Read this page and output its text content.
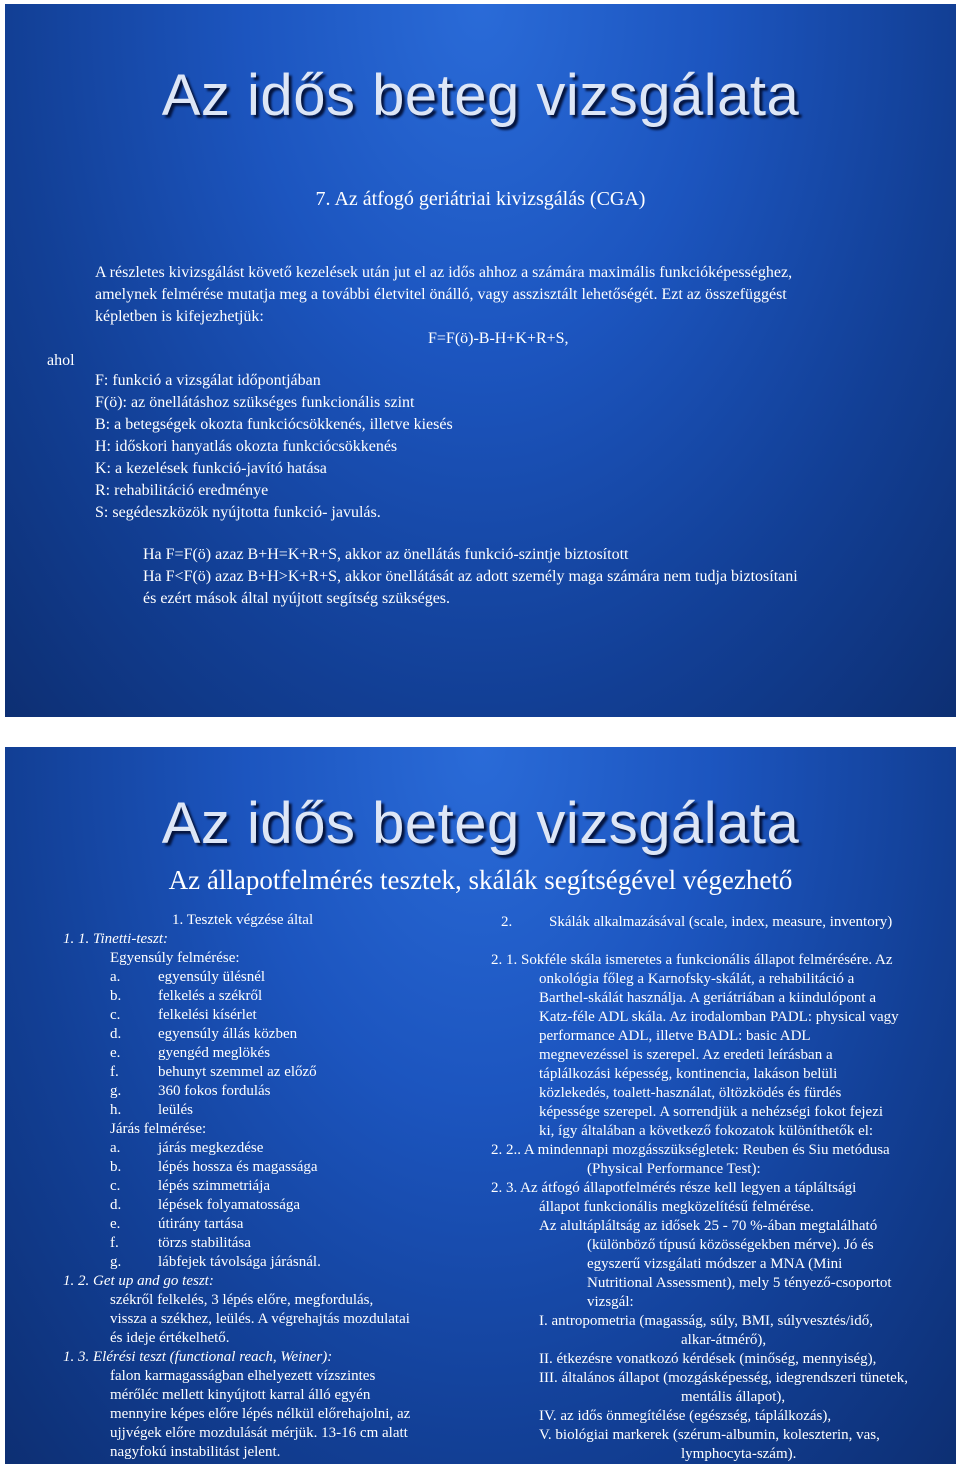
Az idős beteg vizsgálata
7. Az átfogó geriátriai kivizsgálás (CGA)
A részletes kivizsgálást követő kezelések után jut el az idős ahhoz a számára maximális funkcióképességhez,
amelynek felmérése mutatja meg a további életvitel önálló, vagy asszisztált lehetőségét. Ezt az összefüggést
képletben is kifejezhetjük:
F=F(ö)-B-H+K+R+S,
ahol
F: funkció a vizsgálat időpontjában
F(ö): az önellátáshoz szükséges funkcionális szint
B: a betegségek okozta funkciócsökkenés, illetve kiesés
H: időskori hanyatlás okozta funkciócsökkenés
K: a kezelések funkció-javító hatása
R: rehabilitáció eredménye
S: segédeszközök nyújtotta funkció- javulás.
Ha F=F(ö) azaz B+H=K+R+S, akkor az önellátás funkció-szintje biztosított
Ha F<F(ö) azaz B+H>K+R+S, akkor önellátását az adott személy maga számára nem tudja biztosítani
és ezért mások által nyújtott segítség szükséges.
Az idős beteg vizsgálata
Az állapotfelmérés tesztek, skálák segítségével végezhető
1. Tesztek végzése által
1. 1. Tinetti-teszt:
Egyensúly felmérése:
a.	egyensúly ülésnél
b. felkelés a székről
c.	felkelési kísérlet
d. egyensúly állás közben
e.	gyengéd meglökés
f.	behunyt szemmel az előző
g. 360 fokos fordulás
h. leülés
Járás felmérése:
a.	járás megkezdése
b. lépés hossza és magassága
c.	lépés szimmetriája
d. lépések folyamatossága
e.	útirány tartása
f.	törzs stabilitása
g. lábfejek távolsága járásnál.
1. 2. Get up and go teszt:
székről felkelés, 3 lépés előre, megfordulás,
vissza a székhez, leülés. A végrehajtás mozdulatai
és ideje értékelhető.
1. 3. Elérési teszt (functional reach, Weiner):
falon karmagasságban elhelyezett vízszintes
mérőléc mellett kinyújtott karral álló egyén
mennyire képes előre lépés nélkül előrehajolni, az
ujjvégek előre mozdulását mérjük. 13-16 cm alatt
nagyfokú instabilitást jelent.
2. Skálák alkalmazásával (scale, index, measure, inventory)
2. 1. Sokféle skála ismeretes a funkcionális állapot felmérésére. Az
onkológia főleg a Karnofsky-skálát, a rehabilitáció a
Barthel-skálát használja. A geriátriában a kiindulópont a
Katz-féle ADL skála. Az irodalomban PADL: physical vagy
performance ADL, illetve BADL: basic ADL
megnevezéssel is szerepel. Az eredeti leírásban a
táplálkozási képesség, kontinencia, lakáson belüli
közlekedés, toalett-használat, öltözködés és fürdés
képessége szerepel. A sorrendjük a nehézségi fokot fejezi
ki, így általában a következő fokozatok különíthetők el:
2. 2.. A mindennapi mozgásszükségletek: Reuben és Siu metódusa
(Physical Performance Test):
2. 3. Az átfogó állapotfelmérés része kell legyen a tápláltsági
állapot funkcionális megközelítésű felmérése.
Az alultápláltság az idősek 25 - 70 %-ában megtalálható
(különböző típusú közösségekben mérve). Jó és
egyszerű vizsgálati módszer a MNA (Mini
Nutritional Assessment), mely 5 tényező-csoportot
vizsgál:
I. antropometria (magasság, súly, BMI, súlyvesztés/idő,
alkar-átmérő),
II. étkezésre vonatkozó kérdések (minőség, mennyiség),
III. általános állapot (mozgásképesség, idegrendszeri tünetek,
mentális állapot),
IV. az idős önmegítélése (egészség, táplálkozás),
V. biológiai markerek (szérum-albumin, koleszterin, vas,
lymphocyta-szám).
